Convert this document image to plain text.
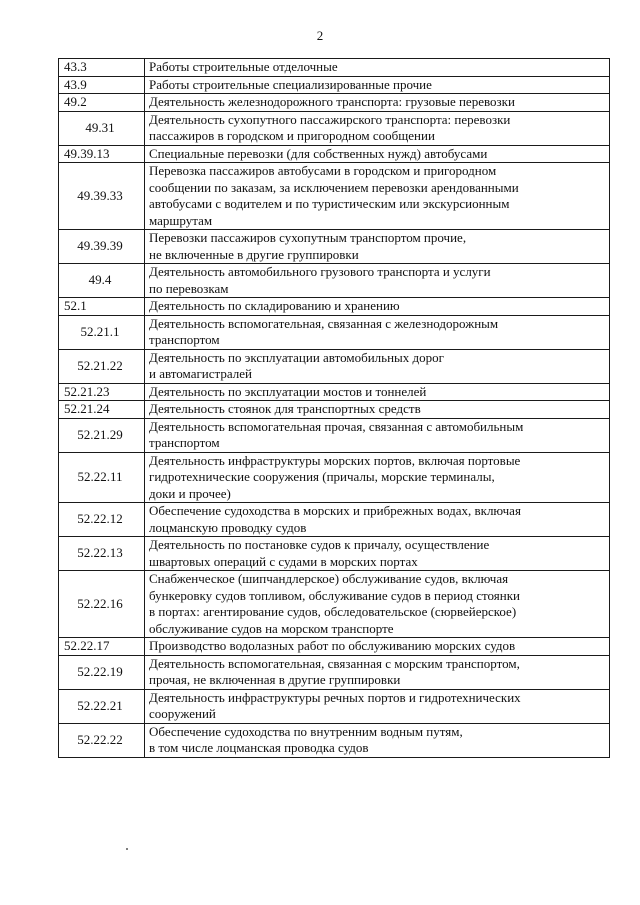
2
43.3	Работы строительные отделочные
43.9	Работы строительные специализированные прочие
49.2	Деятельность железнодорожного транспорта: грузовые перевозки
49.31	Деятельность сухопутного пассажирского транспорта: перевозки
пассажиров в городском и пригородном сообщении
49.39.13	Специальные перевозки (для собственных нужд) автобусами
49.39.33	Перевозка пассажиров автобусами в городском и пригородном
сообщении по заказам, за исключением перевозки арендованными
автобусами с водителем и по туристическим или экскурсионным
маршрутам
49.39.39	Перевозки пассажиров сухопутным транспортом прочие,
не включенные в другие группировки
49.4	Деятельность автомобильного грузового транспорта и услуги
по перевозкам
52.1	Деятельность по складированию и хранению
52.21.1	Деятельность вспомогательная, связанная с железнодорожным
транспортом
52.21.22	Деятельность по эксплуатации автомобильных дорог
и автомагистралей
52.21.23	Деятельность по эксплуатации мостов и тоннелей
52.21.24	Деятельность стоянок для транспортных средств
52.21.29	Деятельность вспомогательная прочая, связанная с автомобильным
транспортом
52.22.11	Деятельность инфраструктуры морских портов, включая портовые
гидротехнические сооружения (причалы, морские терминалы,
доки и прочее)
52.22.12	Обеспечение судоходства в морских и прибрежных водах, включая
лоцманскую проводку судов
52.22.13	Деятельность по постановке судов к причалу, осуществление
швартовых операций с судами в морских портах
52.22.16	Снабженческое (шипчандлерское) обслуживание судов, включая
бункеровку судов топливом, обслуживание судов в период стоянки
в портах: агентирование судов, обследовательское (сюрвейерское)
обслуживание судов на морском транспорте
52.22.17	Производство водолазных работ по обслуживанию морских судов
52.22.19	Деятельность вспомогательная, связанная с морским транспортом,
прочая, не включенная в другие группировки
52.22.21	Деятельность инфраструктуры речных портов и гидротехнических
сооружений
52.22.22	Обеспечение судоходства по внутренним водным путям,
в том числе лоцманская проводка судов
